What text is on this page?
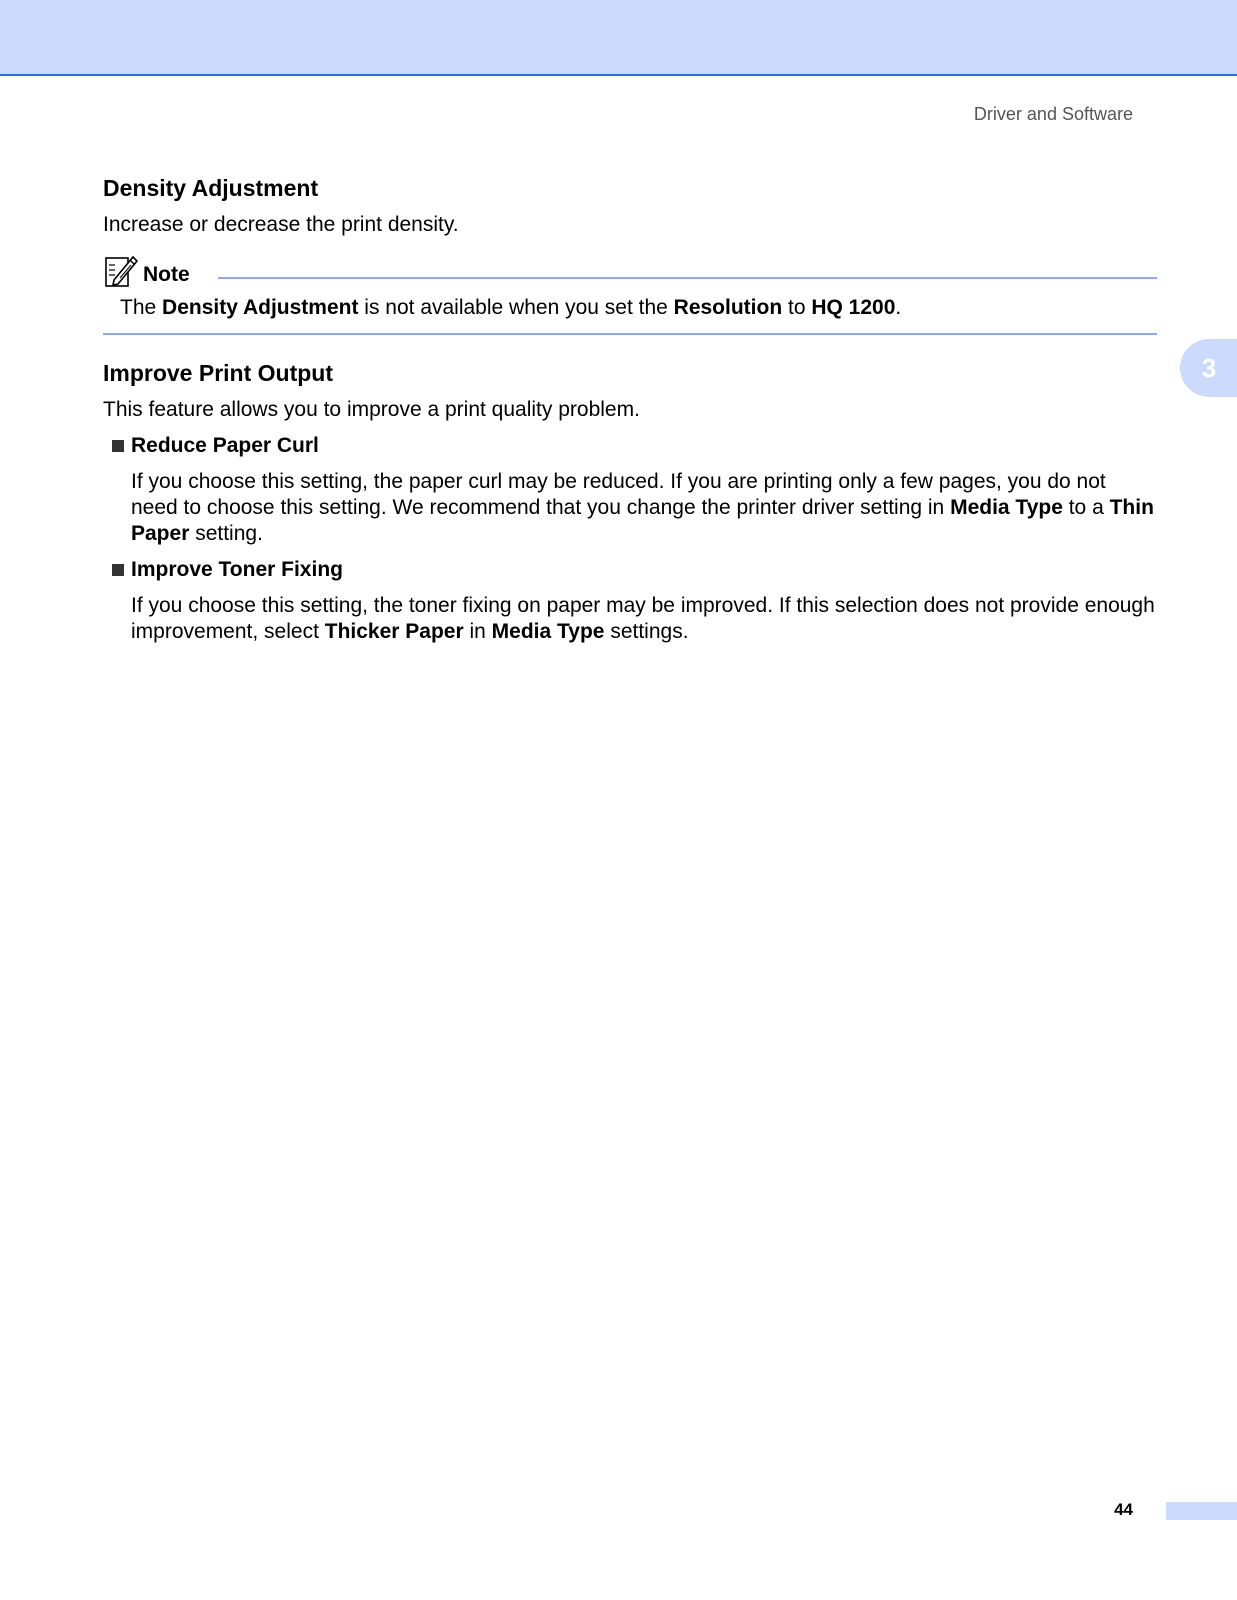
Driver and Software
3
Density Adjustment

Increase or decrease the print density.

Note

The Density Adjustment is not available when you set the Resolution to HQ 1200.

Improve Print Output

This feature allows you to improve a print quality problem.

Reduce Paper Curl

If you choose this setting, the paper curl may be reduced. If you are printing only a few pages, you do not need to choose this setting. We recommend that you change the printer driver setting in Media Type to a Thin Paper setting.

Improve Toner Fixing

If you choose this setting, the toner fixing on paper may be improved. If this selection does not provide enough improvement, select Thicker Paper in Media Type settings.

44
